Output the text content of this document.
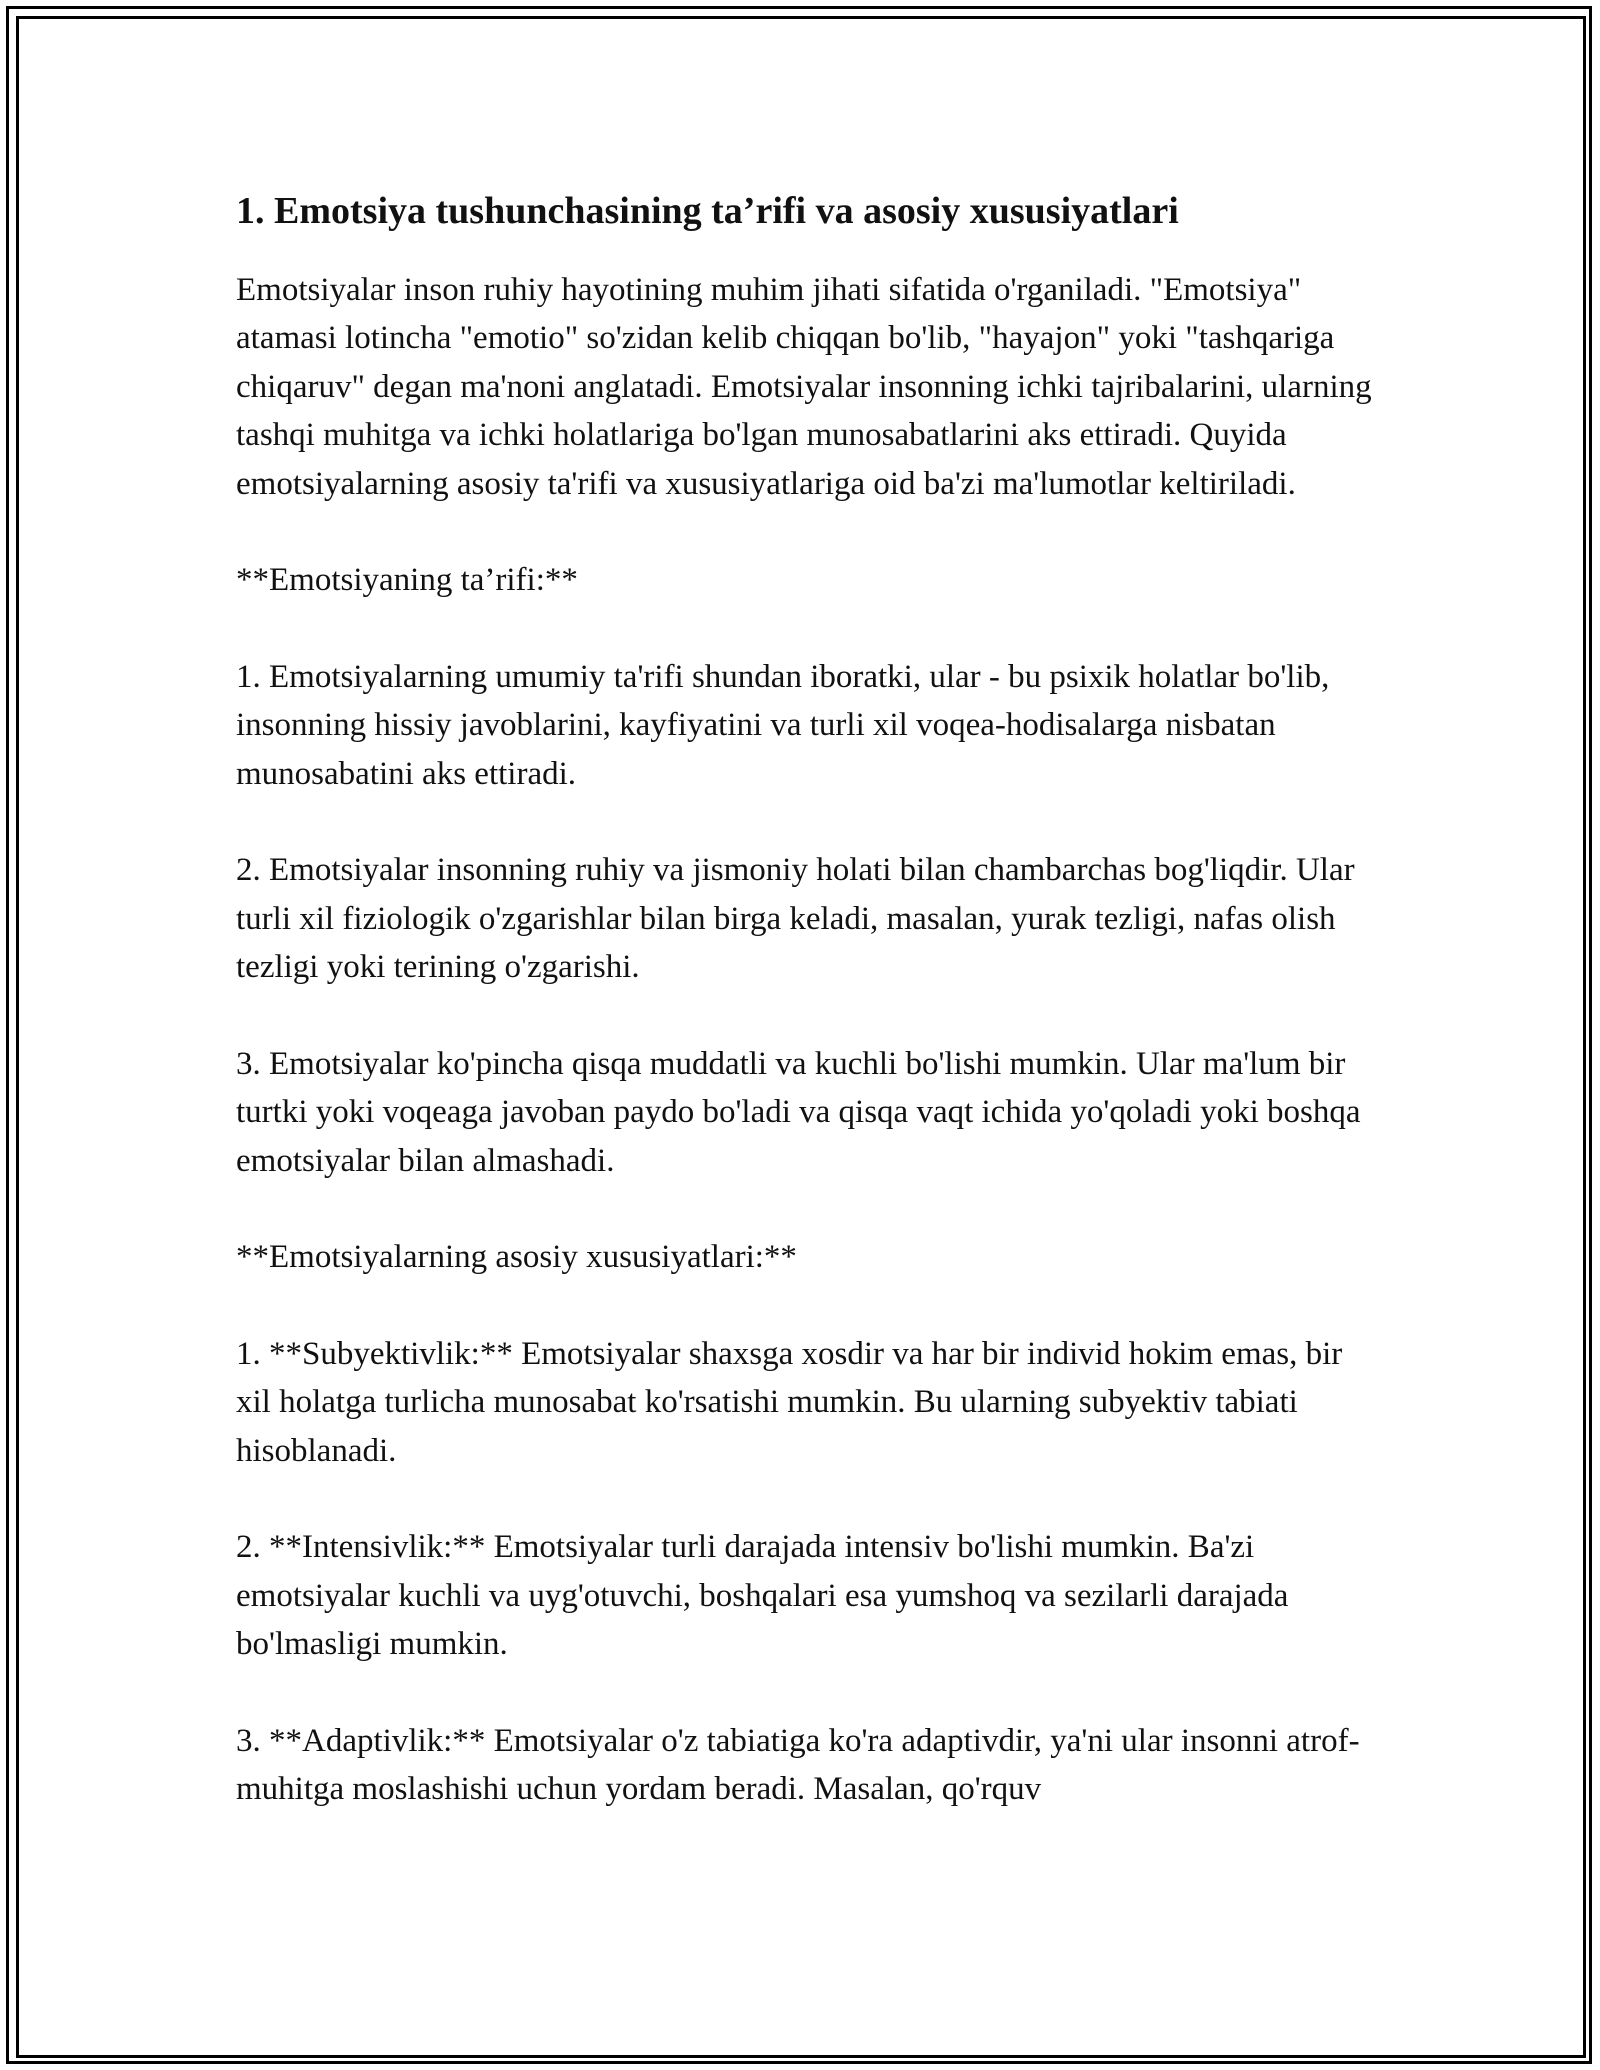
1. Emotsiya tushunchasining ta’rifi va asosiy xususiyatlari

Emotsiyalar inson ruhiy hayotining muhim jihati sifatida o'rganiladi. "Emotsiya" atamasi lotincha "emotio" so'zidan kelib chiqqan bo'lib, "hayajon" yoki "tashqariga chiqaruv" degan ma'noni anglatadi. Emotsiyalar insonning ichki tajribalarini, ularning tashqi muhitga va ichki holatlariga bo'lgan munosabatlarini aks ettiradi. Quyida emotsiyalarning asosiy ta'rifi va xususiyatlariga oid ba'zi ma'lumotlar keltiriladi.

**Emotsiyaning ta’rifi:**

1. Emotsiyalarning umumiy ta'rifi shundan iboratki, ular - bu psixik holatlar bo'lib, insonning hissiy javoblarini, kayfiyatini va turli xil voqea-hodisalarga nisbatan munosabatini aks ettiradi.

2. Emotsiyalar insonning ruhiy va jismoniy holati bilan chambarchas bog'liqdir. Ular turli xil fiziologik o'zgarishlar bilan birga keladi, masalan, yurak tezligi, nafas olish tezligi yoki terining o'zgarishi.

3. Emotsiyalar ko'pincha qisqa muddatli va kuchli bo'lishi mumkin. Ular ma'lum bir turtki yoki voqeaga javoban paydo bo'ladi va qisqa vaqt ichida yo'qoladi yoki boshqa emotsiyalar bilan almashadi.

**Emotsiyalarning asosiy xususiyatlari:**

1. **Subyektivlik:** Emotsiyalar shaxsga xosdir va har bir individ hokim emas, bir xil holatga turlicha munosabat ko'rsatishi mumkin. Bu ularning subyektiv tabiati hisoblanadi.

2. **Intensivlik:** Emotsiyalar turli darajada intensiv bo'lishi mumkin. Ba'zi emotsiyalar kuchli va uyg'otuvchi, boshqalari esa yumshoq va sezilarli darajada bo'lmasligi mumkin.

3. **Adaptivlik:** Emotsiyalar o'z tabiatiga ko'ra adaptivdir, ya'ni ular insonni atrof-muhitga moslashishi uchun yordam beradi. Masalan, qo'rquv
